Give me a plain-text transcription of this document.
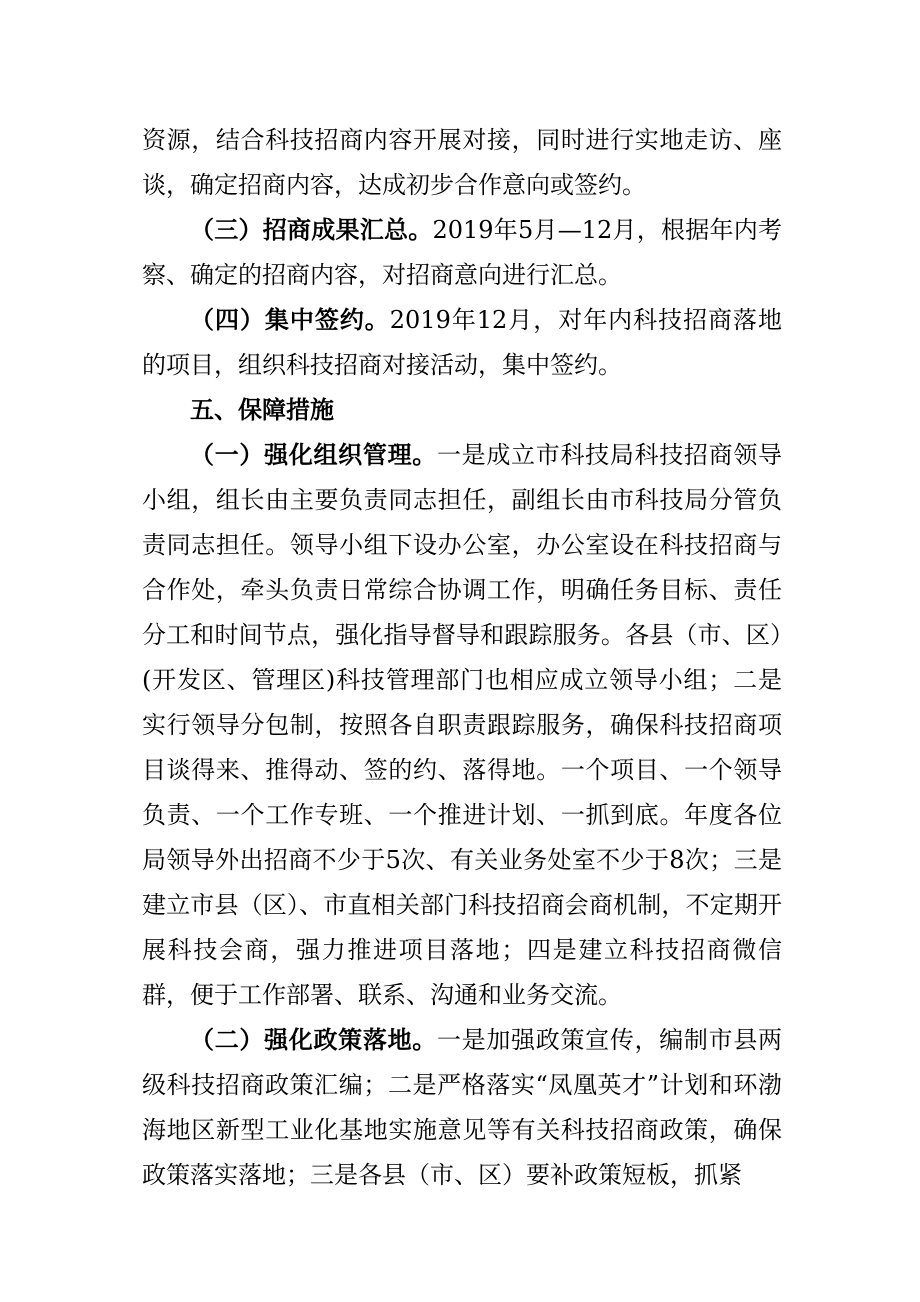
资源，结合科技招商内容开展对接，同时进行实地走访、座谈，确定招商内容，达成初步合作意向或签约。

（三）招商成果汇总。2019年5月—12月，根据年内考察、确定的招商内容，对招商意向进行汇总。

（四）集中签约。2019年12月，对年内科技招商落地的项目，组织科技招商对接活动，集中签约。

五、保障措施

（一）强化组织管理。一是成立市科技局科技招商领导小组，组长由主要负责同志担任，副组长由市科技局分管负责同志担任。领导小组下设办公室，办公室设在科技招商与合作处，牵头负责日常综合协调工作，明确任务目标、责任分工和时间节点，强化指导督导和跟踪服务。各县（市、区）(开发区、管理区)科技管理部门也相应成立领导小组；二是实行领导分包制，按照各自职责跟踪服务，确保科技招商项目谈得来、推得动、签的约、落得地。一个项目、一个领导负责、一个工作专班、一个推进计划、一抓到底。年度各位局领导外出招商不少于5次、有关业务处室不少于8次；三是建立市县（区）、市直相关部门科技招商会商机制，不定期开展科技会商，强力推进项目落地；四是建立科技招商微信群，便于工作部署、联系、沟通和业务交流。

（二）强化政策落地。一是加强政策宣传，编制市县两级科技招商政策汇编；二是严格落实“凤凰英才”计划和环渤海地区新型工业化基地实施意见等有关科技招商政策，确保政策落实落地；三是各县（市、区）要补政策短板，抓紧
